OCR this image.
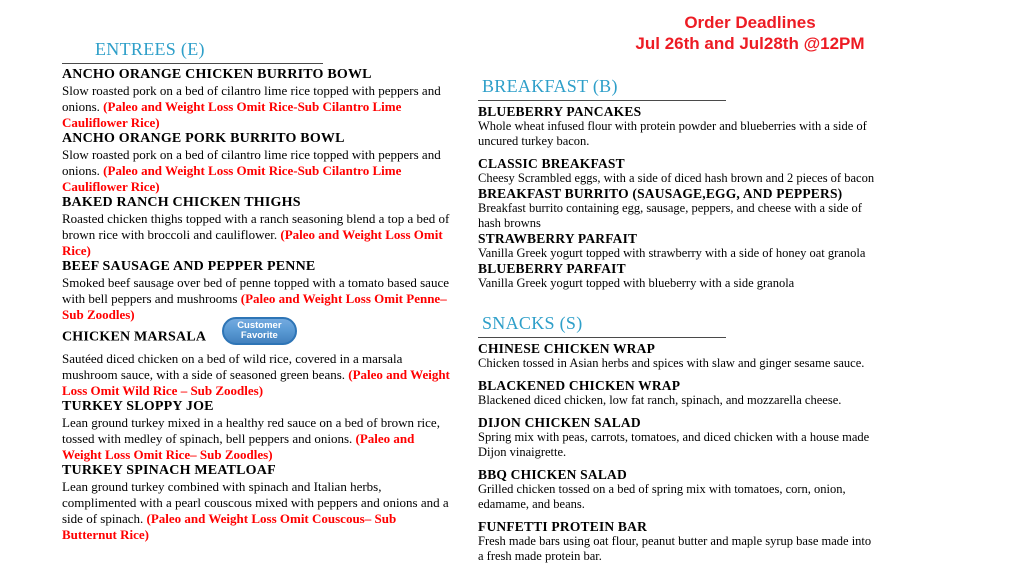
Order Deadlines
Jul 26th and Jul28th @12PM
ENTREES (E)
ANCHO ORANGE CHICKEN BURRITO BOWL
Slow roasted pork on a bed of cilantro lime rice topped with peppers and onions. (Paleo and Weight Loss Omit Rice-Sub Cilantro Lime Cauliflower Rice)
ANCHO ORANGE PORK BURRITO BOWL
Slow roasted pork on a bed of cilantro lime rice topped with peppers and onions. (Paleo and Weight Loss Omit Rice-Sub Cilantro Lime Cauliflower Rice)
BAKED RANCH CHICKEN THIGHS
Roasted chicken thighs topped with a ranch seasoning blend a top a bed of brown rice with broccoli and cauliflower. (Paleo and Weight Loss Omit Rice)
BEEF SAUSAGE AND PEPPER PENNE
Smoked beef sausage over bed of penne topped with a tomato based sauce with bell peppers and mushrooms (Paleo and Weight Loss Omit Penne– Sub Zoodles)
CHICKEN MARSALA
Customer
Favorite
Sautéed diced chicken on a bed of wild rice, covered in a marsala mushroom sauce, with a side of seasoned green beans. (Paleo and Weight Loss Omit Wild Rice – Sub Zoodles)
TURKEY SLOPPY JOE
Lean ground turkey mixed in a healthy red sauce on a bed of brown rice, tossed with medley of spinach, bell peppers and onions. (Paleo and Weight Loss Omit Rice– Sub Zoodles)
TURKEY SPINACH MEATLOAF
Lean ground turkey combined with spinach and Italian herbs, complimented with a pearl couscous mixed with peppers and onions and a side of spinach. (Paleo and Weight Loss Omit Couscous– Sub Butternut Rice)
BREAKFAST (B)
BLUEBERRY PANCAKES
Whole wheat infused flour with protein powder and blueberries with a side of uncured turkey bacon.
CLASSIC BREAKFAST
Cheesy Scrambled eggs, with a side of diced hash brown and 2 pieces of bacon
BREAKFAST BURRITO (SAUSAGE,EGG, AND PEPPERS)
Breakfast burrito containing egg, sausage, peppers, and cheese with a side of hash browns
STRAWBERRY PARFAIT
Vanilla Greek yogurt topped with strawberry with a side of honey oat granola
BLUEBERRY PARFAIT
Vanilla Greek yogurt topped with blueberry with a side granola
SNACKS (S)
CHINESE CHICKEN WRAP
Chicken tossed in Asian herbs and spices with slaw and ginger sesame sauce.
BLACKENED CHICKEN WRAP
Blackened diced chicken, low fat ranch, spinach, and mozzarella cheese.
DIJON CHICKEN SALAD
Spring mix with peas, carrots, tomatoes, and diced chicken with a house made Dijon vinaigrette.
BBQ CHICKEN SALAD
Grilled chicken tossed on a bed of spring mix with tomatoes, corn, onion, edamame, and beans.
FUNFETTI PROTEIN BAR
Fresh made bars using oat flour, peanut butter and maple syrup base made into a fresh made protein bar.
